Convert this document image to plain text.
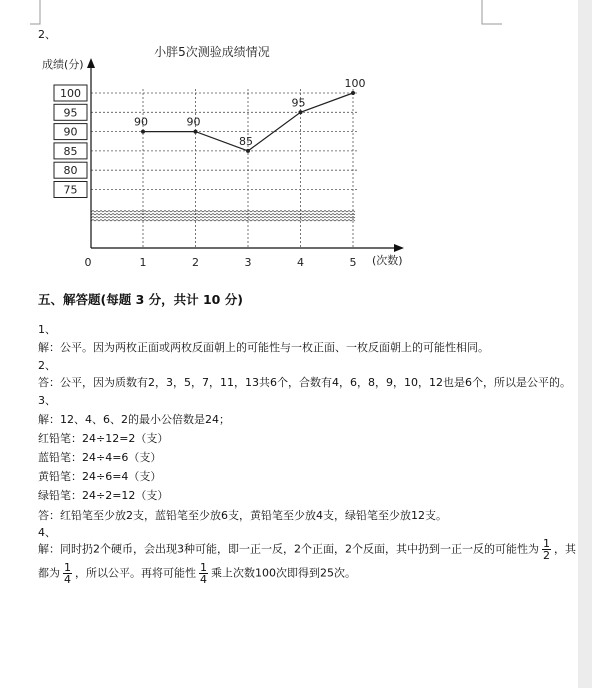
2、
小胖5次测验成绩情况
成绩(分)
100
95
90
85
80
75
0	1	2	3	4	5 (次数)
90	90
85
95
100
五、解答题(每题 3 分，共计 10 分)
1、
解：公平。因为两枚正面或两枚反面朝上的可能性与一枚正面、一枚反面朝上的可能性相同。
2、
答：公平，因为质数有2，3，5，7，11，13共6个，合数有4，6，8，9，10，12也是6个，所以是公平的。
3、
解：12、4、6、2的最小公倍数是24；
红铅笔：24÷12=2（支）
蓝铅笔：24÷4=6（支）
黄铅笔：24÷6=4（支）
绿铅笔：24÷2=12（支）
答：红铅笔至少放2支，蓝铅笔至少放6支，黄铅笔至少放4支，绿铅笔至少放12支。
4、
解：同时扔2个硬币，会出现3种可能，即一正一反，2个正面，2个反面，其中扔到一正一反的可能性为 $\frac{1}{2}$ ，其
都为 $\frac{1}{4}$ ，所以公平。再将可能性 $\frac{1}{4}$ 乘上次数100次即得到25次。
